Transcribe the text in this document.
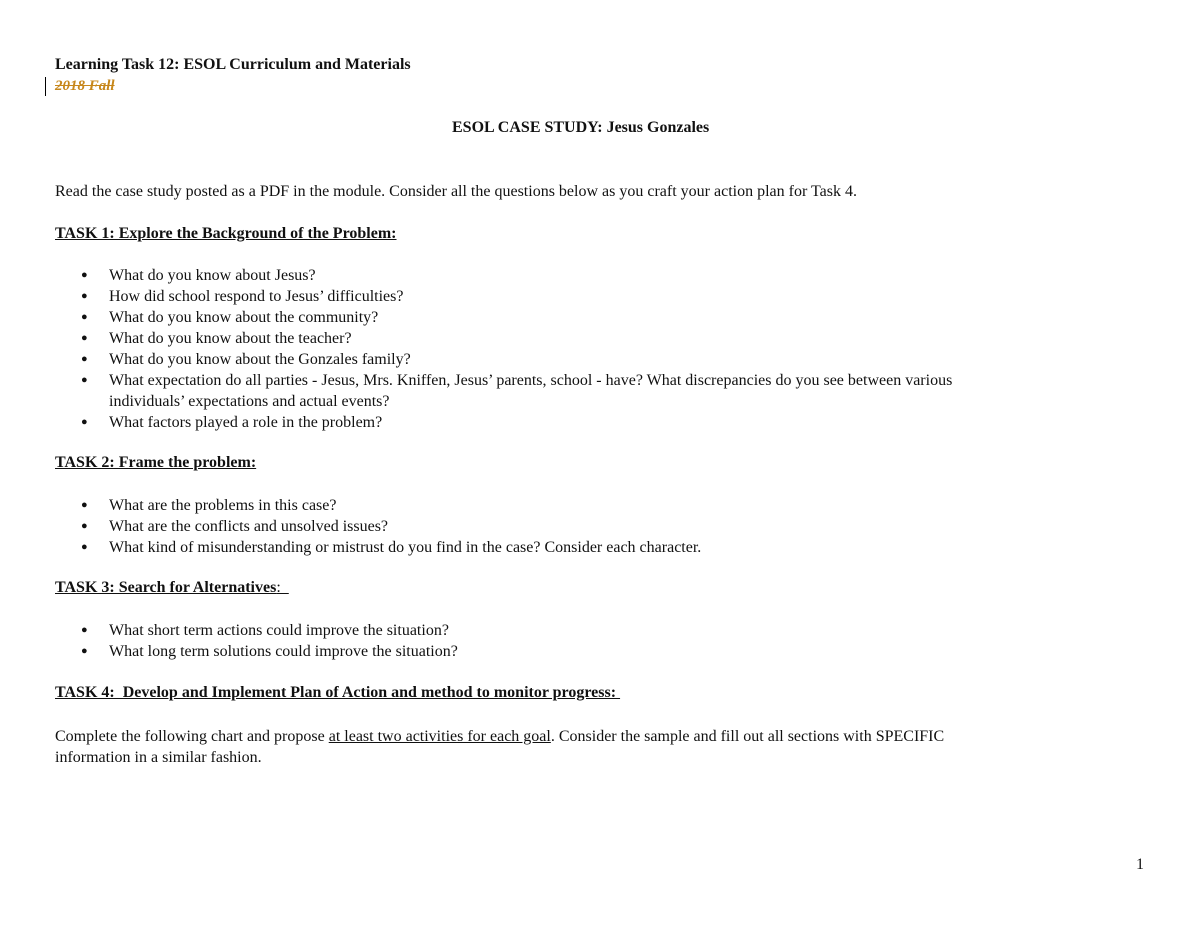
Learning Task 12: ESOL Curriculum and Materials
2018 Fall
ESOL CASE STUDY: Jesus Gonzales
Read the case study posted as a PDF in the module. Consider all the questions below as you craft your action plan for Task 4.
TASK 1: Explore the Background of the Problem:
● What do you know about Jesus?
● How did school respond to Jesus’ difficulties?
● What do you know about the community?
● What do you know about the teacher?
● What do you know about the Gonzales family?
● What expectation do all parties - Jesus, Mrs. Kniffen, Jesus’ parents, school - have? What discrepancies do you see between various
individuals’ expectations and actual events?
● What factors played a role in the problem?
TASK 2: Frame the problem:
● What are the problems in this case?
● What are the conflicts and unsolved issues?
● What kind of misunderstanding or mistrust do you find in the case? Consider each character.
TASK 3: Search for Alternatives:
● What short term actions could improve the situation?
● What long term solutions could improve the situation?
TASK 4:  Develop and Implement Plan of Action and method to monitor progress:
Complete the following chart and propose at least two activities for each goal. Consider the sample and fill out all sections with SPECIFIC
information in a similar fashion.
1
